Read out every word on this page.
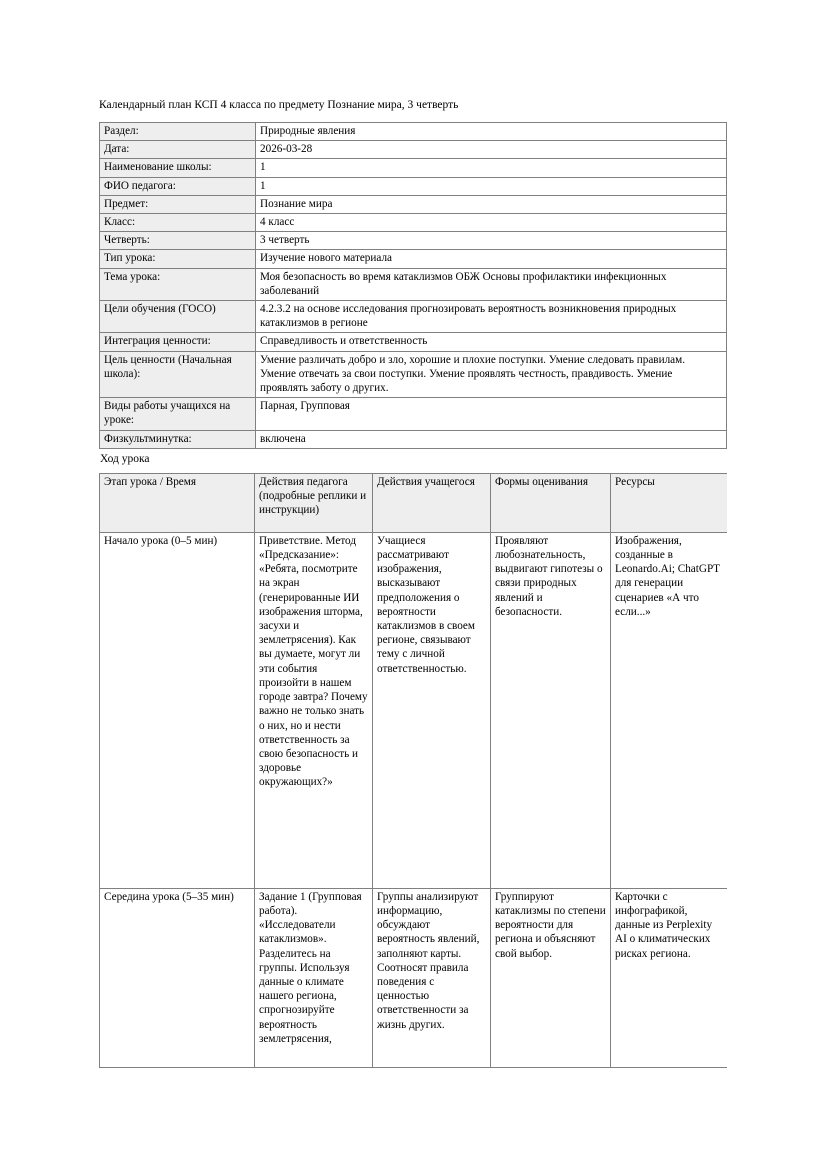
Календарный план КСП 4 класса по предмету Познание мира, 3 четверть

Раздел:	Природные явления
Дата:	2026-03-28
Наименование школы:	1
ФИО педагога:	1
Предмет:	Познание мира
Класс:	4 класс
Четверть:	3 четверть
Тип урока:	Изучение нового материала
Тема урока:	Моя безопасность во время катаклизмов ОБЖ Основы профилактики инфекционных заболеваний
Цели обучения (ГОСО)	4.2.3.2 на основе исследования прогнозировать вероятность возникновения природных катаклизмов в регионе
Интеграция ценности:	Справедливость и ответственность
Цель ценности (Начальная школа):	Умение различать добро и зло, хорошие и плохие поступки. Умение следовать правилам. Умение отвечать за свои поступки. Умение проявлять честность, правдивость. Умение проявлять заботу о других.
Виды работы учащихся на уроке:	Парная, Групповая
Физкультминутка:	включена

Ход урока

Этап урока / Время	Действия педагога (подробные реплики и инструкции)	Действия учащегося	Формы оценивания	Ресурсы
Начало урока (0–5 мин)	Приветствие. Метод «Предсказание»: «Ребята, посмотрите на экран (генерированные ИИ изображения шторма, засухи и землетрясения). Как вы думаете, могут ли эти события произойти в нашем городе завтра? Почему важно не только знать о них, но и нести ответственность за свою безопасность и здоровье окружающих?»	Учащиеся рассматривают изображения, высказывают предположения о вероятности катаклизмов в своем регионе, связывают тему с личной ответственностью.	Проявляют любознательность, выдвигают гипотезы о связи природных явлений и безопасности.	Изображения, созданные в Leonardo.Ai; ChatGPT для генерации сценариев «А что если...»
Середина урока (5–35 мин)	Задание 1 (Групповая работа). «Исследователи катаклизмов». Разделитесь на группы. Используя данные о климате нашего региона, спрогнозируйте вероятность землетрясения,	Группы анализируют информацию, обсуждают вероятность явлений, заполняют карты. Соотносят правила поведения с ценностью ответственности за жизнь других.	Группируют катаклизмы по степени вероятности для региона и объясняют свой выбор.	Карточки с инфографикой, данные из Perplexity AI о климатических рисках региона.
